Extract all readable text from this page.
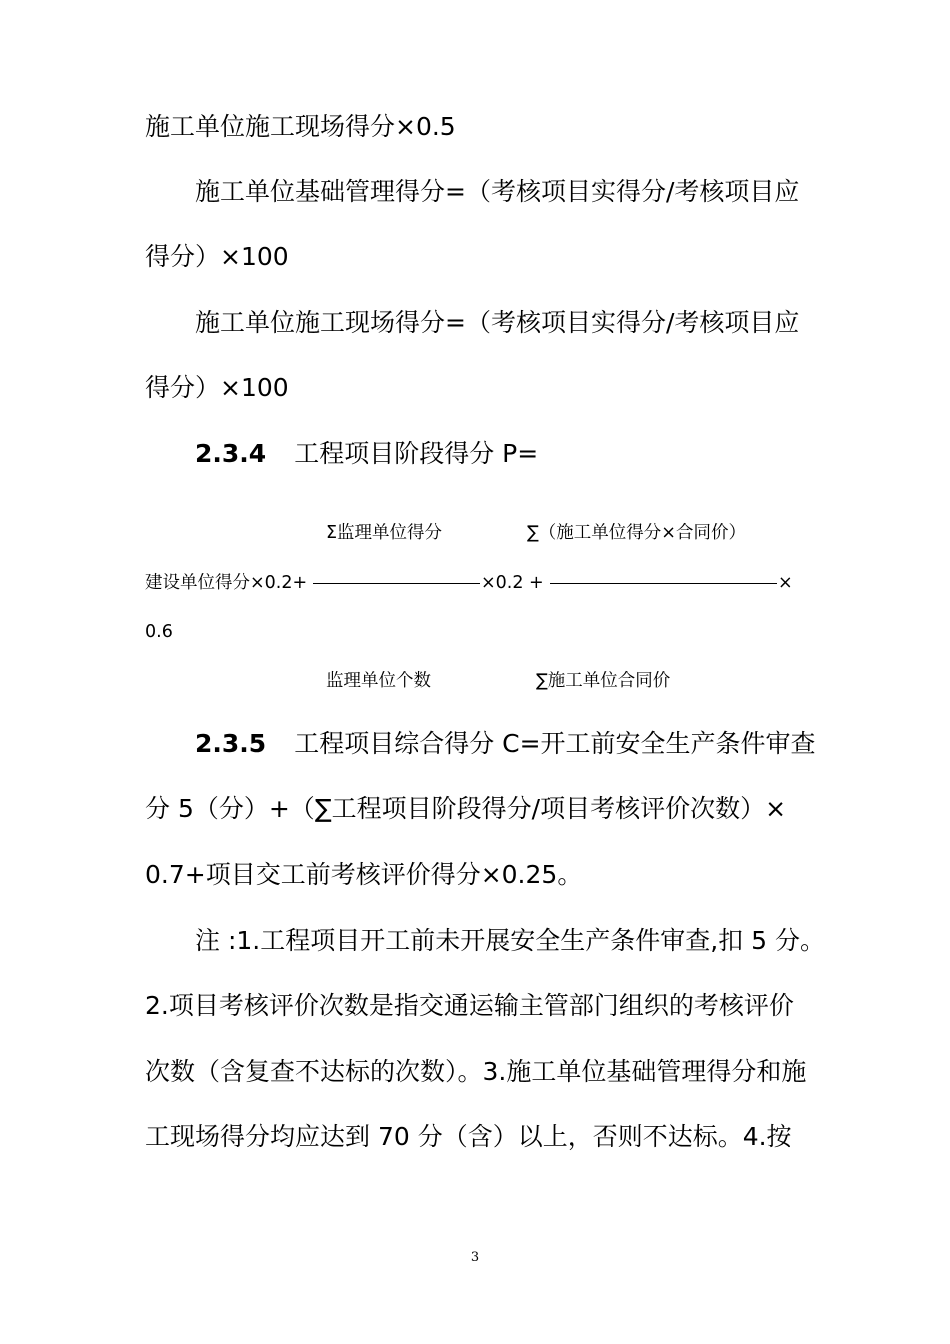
施工单位施工现场得分×0.5
施工单位基础管理得分=（考核项目实得分/考核项目应
得分）×100
施工单位施工现场得分=（考核项目实得分/考核项目应
得分）×100
2.3.4 工程项目阶段得分 P=
Σ监理单位得分	∑（施工单位得分×合同价）
建设单位得分×0.2+	×0.2 +	×
0.6
监理单位个数	∑施工单位合同价
2.3.5 工程项目综合得分 C=开工前安全生产条件审查
分 5（分）+（∑工程项目阶段得分/项目考核评价次数）×
0.7+项目交工前考核评价得分×0.25。
注 :1.工程项目开工前未开展安全生产条件审查,扣 5 分。
2.项目考核评价次数是指交通运输主管部门组织的考核评价
次数（含复查不达标的次数）。3.施工单位基础管理得分和施
工现场得分均应达到 70 分（含）以上，否则不达标。4.按
3
